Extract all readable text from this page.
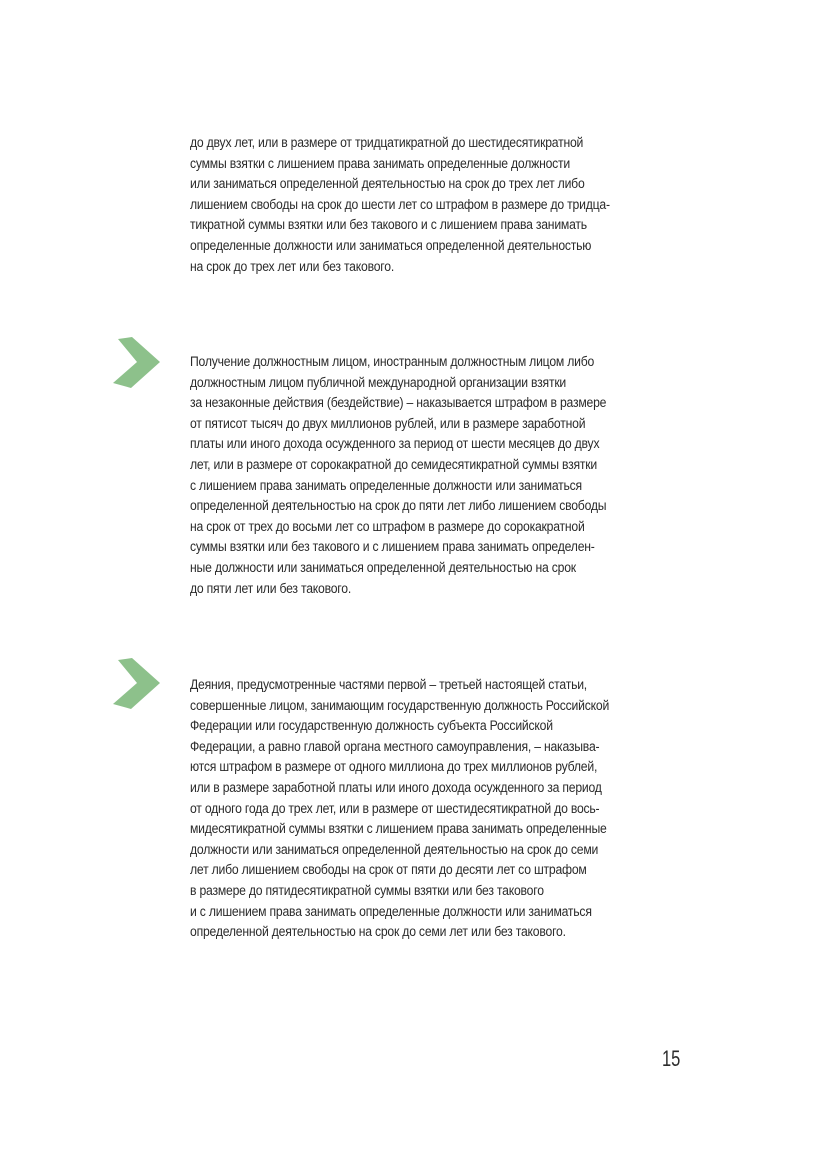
до двух лет, или в размере от тридцатикратной до шестидесятикратной
суммы взятки с лишением права занимать определенные должности
или заниматься определенной деятельностью на срок до трех лет либо
лишением свободы на срок до шести лет со штрафом в размере до тридца-
тикратной суммы взятки или без такового и с лишением права занимать
определенные должности или заниматься определенной деятельностью
на срок до трех лет или без такового.

Получение должностным лицом, иностранным должностным лицом либо
должностным лицом публичной международной организации взятки
за незаконные действия (бездействие) – наказывается штрафом в размере
от пятисот тысяч до двух миллионов рублей, или в размере заработной
платы или иного дохода осужденного за период от шести месяцев до двух
лет, или в размере от сорокакратной до семидесятикратной суммы взятки
с лишением права занимать определенные должности или заниматься
определенной деятельностью на срок до пяти лет либо лишением свободы
на срок от трех до восьми лет со штрафом в размере до сорокакратной
суммы взятки или без такового и с лишением права занимать определен-
ные должности или заниматься определенной деятельностью на срок
до пяти лет или без такового.

Деяния, предусмотренные частями первой – третьей настоящей статьи,
совершенные лицом, занимающим государственную должность Российской
Федерации или государственную должность субъекта Российской
Федерации, а равно главой органа местного самоуправления, – наказыва-
ются штрафом в размере от одного миллиона до трех миллионов рублей,
или в размере заработной платы или иного дохода осужденного за период
от одного года до трех лет, или в размере от шестидесятикратной до вось-
мидесятикратной суммы взятки с лишением права занимать определенные
должности или заниматься определенной деятельностью на срок до семи
лет либо лишением свободы на срок от пяти до десяти лет со штрафом
в размере до пятидесятикратной суммы взятки или без такового
и с лишением права занимать определенные должности или заниматься
определенной деятельностью на срок до семи лет или без такового.

15
